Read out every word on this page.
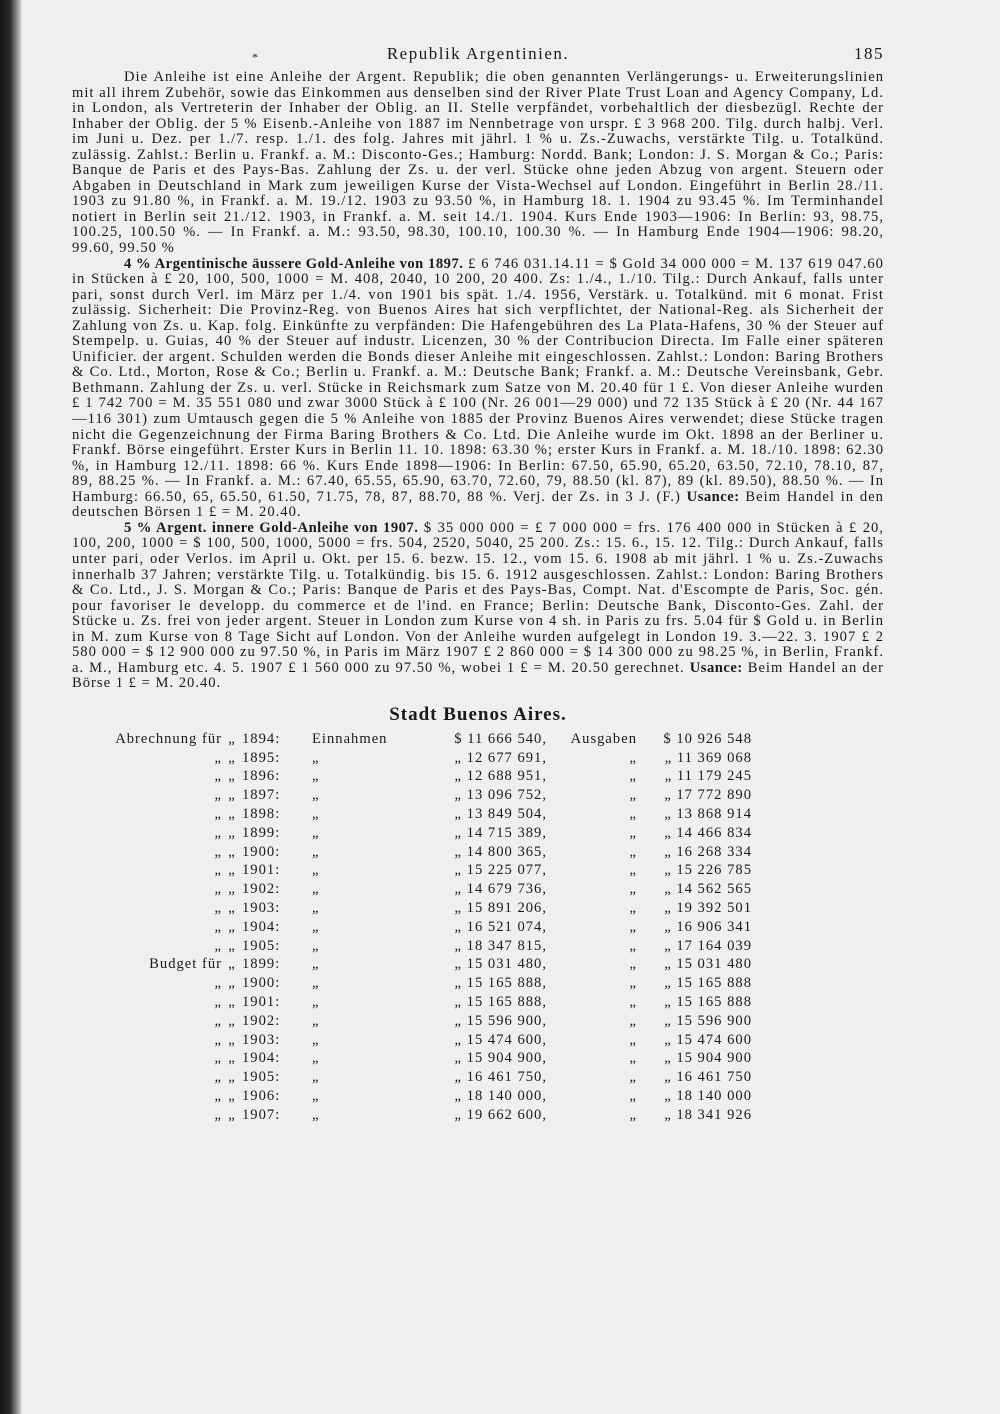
*	Republik Argentinien.	185

Die Anleihe ist eine Anleihe der Argent. Republik; die oben genannten Verlängerungs- u. Erweiterungslinien mit all ihrem Zubehör, sowie das Einkommen aus denselben sind der River Plate Trust Loan and Agency Company, Ld. in London, als Vertreterin der Inhaber der Oblig. an II. Stelle verpfändet, vorbehaltlich der diesbezügl. Rechte der Inhaber der Oblig. der 5 % Eisenb.-Anleihe von 1887 im Nennbetrage von urspr. £ 3 968 200. Tilg. durch halbj. Verl. im Juni u. Dez. per 1./7. resp. 1./1. des folg. Jahres mit jährl. 1 % u. Zs.-Zuwachs, verstärkte Tilg. u. Totalkünd. zulässig. Zahlst.: Berlin u. Frankf. a. M.: Disconto-Ges.; Hamburg: Nordd. Bank; London: J. S. Morgan & Co.; Paris: Banque de Paris et des Pays-Bas. Zahlung der Zs. u. der verl. Stücke ohne jeden Abzug von argent. Steuern oder Abgaben in Deutschland in Mark zum jeweiligen Kurse der Vista-Wechsel auf London. Eingeführt in Berlin 28./11. 1903 zu 91.80 %, in Frankf. a. M. 19./12. 1903 zu 93.50 %, in Hamburg 18. 1. 1904 zu 93.45 %. Im Terminhandel notiert in Berlin seit 21./12. 1903, in Frankf. a. M. seit 14./1. 1904. Kurs Ende 1903—1906: In Berlin: 93, 98.75, 100.25, 100.50 %. — In Frankf. a. M.: 93.50, 98.30, 100.10, 100.30 %. — In Hamburg Ende 1904—1906: 98.20, 99.60, 99.50 %

4 % Argentinische äussere Gold-Anleihe von 1897. £ 6 746 031.14.11 = $ Gold 34 000 000 = M. 137 619 047.60 in Stücken à £ 20, 100, 500, 1000 = M. 408, 2040, 10 200, 20 400. Zs: 1./4., 1./10. Tilg.: Durch Ankauf, falls unter pari, sonst durch Verl. im März per 1./4. von 1901 bis spät. 1./4. 1956, Verstärk. u. Totalkünd. mit 6 monat. Frist zulässig. Sicherheit: Die Provinz-Reg. von Buenos Aires hat sich verpflichtet, der National-Reg. als Sicherheit der Zahlung von Zs. u. Kap. folg. Einkünfte zu verpfänden: Die Hafengebühren des La Plata-Hafens, 30 % der Steuer auf Stempelp. u. Guias, 40 % der Steuer auf industr. Licenzen, 30 % der Contribucion Directa. Im Falle einer späteren Unificier. der argent. Schulden werden die Bonds dieser Anleihe mit eingeschlossen. Zahlst.: London: Baring Brothers & Co. Ltd., Morton, Rose & Co.; Berlin u. Frankf. a. M.: Deutsche Bank; Frankf. a. M.: Deutsche Vereinsbank, Gebr. Bethmann. Zahlung der Zs. u. verl. Stücke in Reichsmark zum Satze von M. 20.40 für 1 £. Von dieser Anleihe wurden £ 1 742 700 = M. 35 551 080 und zwar 3000 Stück à £ 100 (Nr. 26 001—29 000) und 72 135 Stück à £ 20 (Nr. 44 167—116 301) zum Umtausch gegen die 5 % Anleihe von 1885 der Provinz Buenos Aires verwendet; diese Stücke tragen nicht die Gegenzeichnung der Firma Baring Brothers & Co. Ltd. Die Anleihe wurde im Okt. 1898 an der Berliner u. Frankf. Börse eingeführt. Erster Kurs in Berlin 11. 10. 1898: 63.30 %; erster Kurs in Frankf. a. M. 18./10. 1898: 62.30 %, in Hamburg 12./11. 1898: 66 %. Kurs Ende 1898—1906: In Berlin: 67.50, 65.90, 65.20, 63.50, 72.10, 78.10, 87, 89, 88.25 %. — In Frankf. a. M.: 67.40, 65.55, 65.90, 63.70, 72.60, 79, 88.50 (kl. 87), 89 (kl. 89.50), 88.50 %. — In Hamburg: 66.50, 65, 65.50, 61.50, 71.75, 78, 87, 88.70, 88 %. Verj. der Zs. in 3 J. (F.) Usance: Beim Handel in den deutschen Börsen 1 £ = M. 20.40.

5 % Argent. innere Gold-Anleihe von 1907. $ 35 000 000 = £ 7 000 000 = frs. 176 400 000 in Stücken à £ 20, 100, 200, 1000 = $ 100, 500, 1000, 5000 = frs. 504, 2520, 5040, 25 200. Zs.: 15. 6., 15. 12. Tilg.: Durch Ankauf, falls unter pari, oder Verlos. im April u. Okt. per 15. 6. bezw. 15. 12., vom 15. 6. 1908 ab mit jährl. 1 % u. Zs.-Zuwachs innerhalb 37 Jahren; verstärkte Tilg. u. Totalkündig. bis 15. 6. 1912 ausgeschlossen. Zahlst.: London: Baring Brothers & Co. Ltd., J. S. Morgan & Co.; Paris: Banque de Paris et des Pays-Bas, Compt. Nat. d'Escompte de Paris, Soc. gén. pour favoriser le developp. du commerce et de l'ind. en France; Berlin: Deutsche Bank, Disconto-Ges. Zahl. der Stücke u. Zs. frei von jeder argent. Steuer in London zum Kurse von 4 sh. in Paris zu frs. 5.04 für $ Gold u. in Berlin in M. zum Kurse von 8 Tage Sicht auf London. Von der Anleihe wurden aufgelegt in London 19. 3.—22. 3. 1907 £ 2 580 000 = $ 12 900 000 zu 97.50 %, in Paris im März 1907 £ 2 860 000 = $ 14 300 000 zu 98.25 %, in Berlin, Frankf. a. M., Hamburg etc. 4. 5. 1907 £ 1 560 000 zu 97.50 %, wobei 1 £ = M. 20.50 gerechnet. Usance: Beim Handel an der Börse 1 £ = M. 20.40.

Stadt Buenos Aires.
Abrechnung für „ 1894:	Einnahmen	$ 11 666 540,	Ausgaben	$ 10 926 548
„ „ 1895:	„	„ 12 677 691,	„	„ 11 369 068
„ „ 1896:	„	„ 12 688 951,	„	„ 11 179 245
„ „ 1897:	„	„ 13 096 752,	„	„ 17 772 890
„ „ 1898:	„	„ 13 849 504,	„	„ 13 868 914
„ „ 1899:	„	„ 14 715 389,	„	„ 14 466 834
„ „ 1900:	„	„ 14 800 365,	„	„ 16 268 334
„ „ 1901:	„	„ 15 225 077,	„	„ 15 226 785
„ „ 1902:	„	„ 14 679 736,	„	„ 14 562 565
„ „ 1903:	„	„ 15 891 206,	„	„ 19 392 501
„ „ 1904:	„	„ 16 521 074,	„	„ 16 906 341
„ „ 1905:	„	„ 18 347 815,	„	„ 17 164 039
Budget für „ 1899:	„	„ 15 031 480,	„	„ 15 031 480
„ „ 1900:	„	„ 15 165 888,	„	„ 15 165 888
„ „ 1901:	„	„ 15 165 888,	„	„ 15 165 888
„ „ 1902:	„	„ 15 596 900,	„	„ 15 596 900
„ „ 1903:	„	„ 15 474 600,	„	„ 15 474 600
„ „ 1904:	„	„ 15 904 900,	„	„ 15 904 900
„ „ 1905:	„	„ 16 461 750,	„	„ 16 461 750
„ „ 1906:	„	„ 18 140 000,	„	„ 18 140 000
„ „ 1907:	„	„ 19 662 600,	„	„ 18 341 926
